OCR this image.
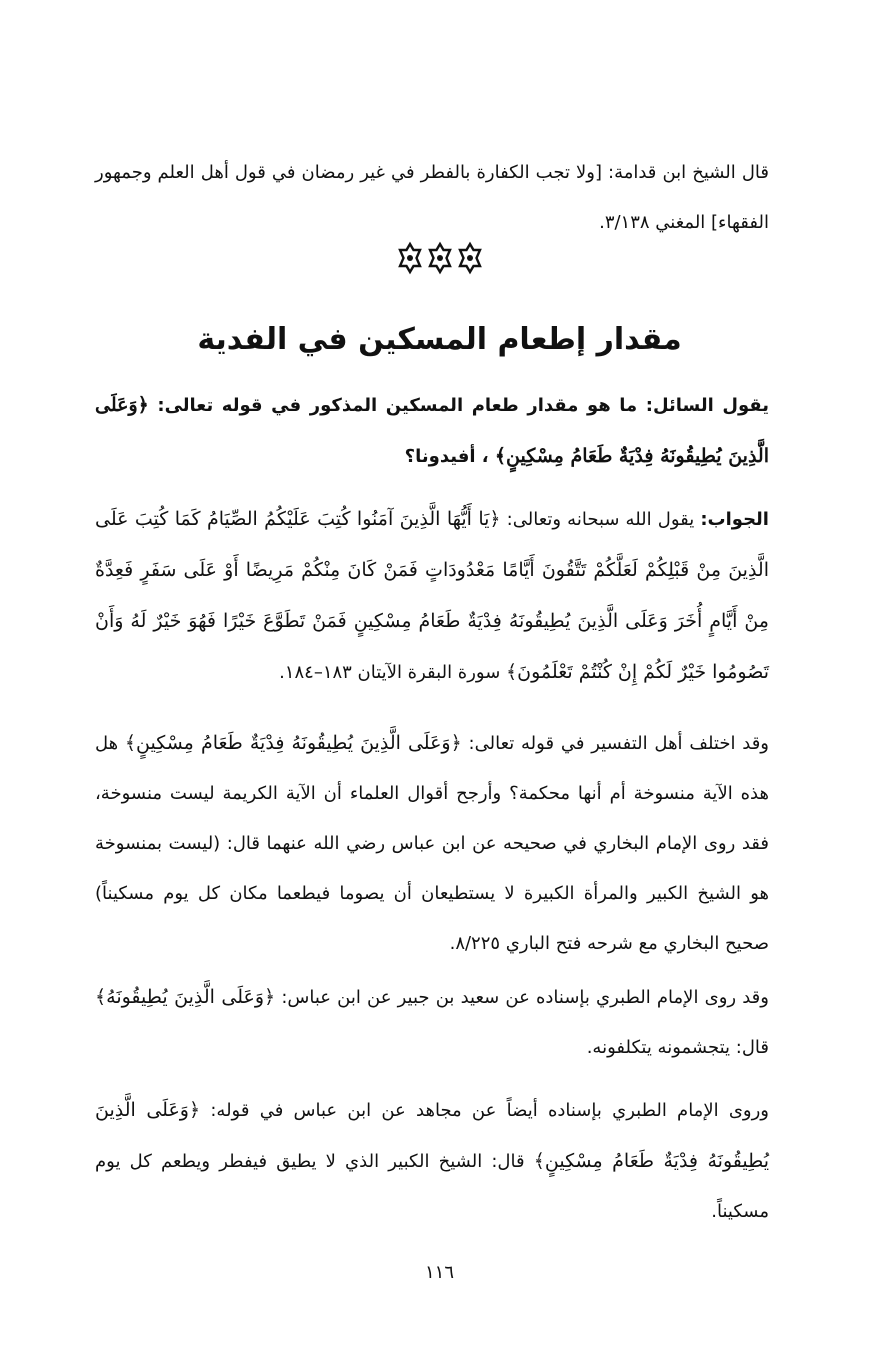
قال الشيخ ابن قدامة: [ولا تجب الكفارة بالفطر في غير رمضان في قول أهل العلم وجمهور الفقهاء] المغني ٣/١٣٨.

مقدار إطعام المسكين في الفدية

يقول السائل: ما هو مقدار طعام المسكين المذكور في قوله تعالى: ﴿وَعَلَى الَّذِينَ يُطِيقُونَهُ فِدْيَةٌ طَعَامُ مِسْكِينٍ﴾ ، أفيدونا؟

الجواب: يقول الله سبحانه وتعالى: ﴿يَا أَيُّهَا الَّذِينَ آمَنُوا كُتِبَ عَلَيْكُمُ الصِّيَامُ كَمَا كُتِبَ عَلَى الَّذِينَ مِنْ قَبْلِكُمْ لَعَلَّكُمْ تَتَّقُونَ أَيَّامًا مَعْدُودَاتٍ فَمَنْ كَانَ مِنْكُمْ مَرِيضًا أَوْ عَلَى سَفَرٍ فَعِدَّةٌ مِنْ أَيَّامٍ أُخَرَ وَعَلَى الَّذِينَ يُطِيقُونَهُ فِدْيَةٌ طَعَامُ مِسْكِينٍ فَمَنْ تَطَوَّعَ خَيْرًا فَهُوَ خَيْرٌ لَهُ وَأَنْ تَصُومُوا خَيْرٌ لَكُمْ إِنْ كُنْتُمْ تَعْلَمُونَ﴾ سورة البقرة الآيتان ١٨٣–١٨٤.

وقد اختلف أهل التفسير في قوله تعالى: ﴿وَعَلَى الَّذِينَ يُطِيقُونَهُ فِدْيَةٌ طَعَامُ مِسْكِينٍ﴾ هل هذه الآية منسوخة أم أنها محكمة؟ وأرجح أقوال العلماء أن الآية الكريمة ليست منسوخة، فقد روى الإمام البخاري في صحيحه عن ابن عباس رضي الله عنهما قال: (ليست بمنسوخة هو الشيخ الكبير والمرأة الكبيرة لا يستطيعان أن يصوما فيطعما مكان كل يوم مسكيناً) صحيح البخاري مع شرحه فتح الباري ٨/٢٢٥.

وقد روى الإمام الطبري بإسناده عن سعيد بن جبير عن ابن عباس: ﴿وَعَلَى الَّذِينَ يُطِيقُونَهُ﴾ قال: يتجشمونه يتكلفونه.

وروى الإمام الطبري بإسناده أيضاً عن مجاهد عن ابن عباس في قوله: ﴿وَعَلَى الَّذِينَ يُطِيقُونَهُ فِدْيَةٌ طَعَامُ مِسْكِينٍ﴾ قال: الشيخ الكبير الذي لا يطيق فيفطر ويطعم كل يوم مسكيناً.

١١٦
